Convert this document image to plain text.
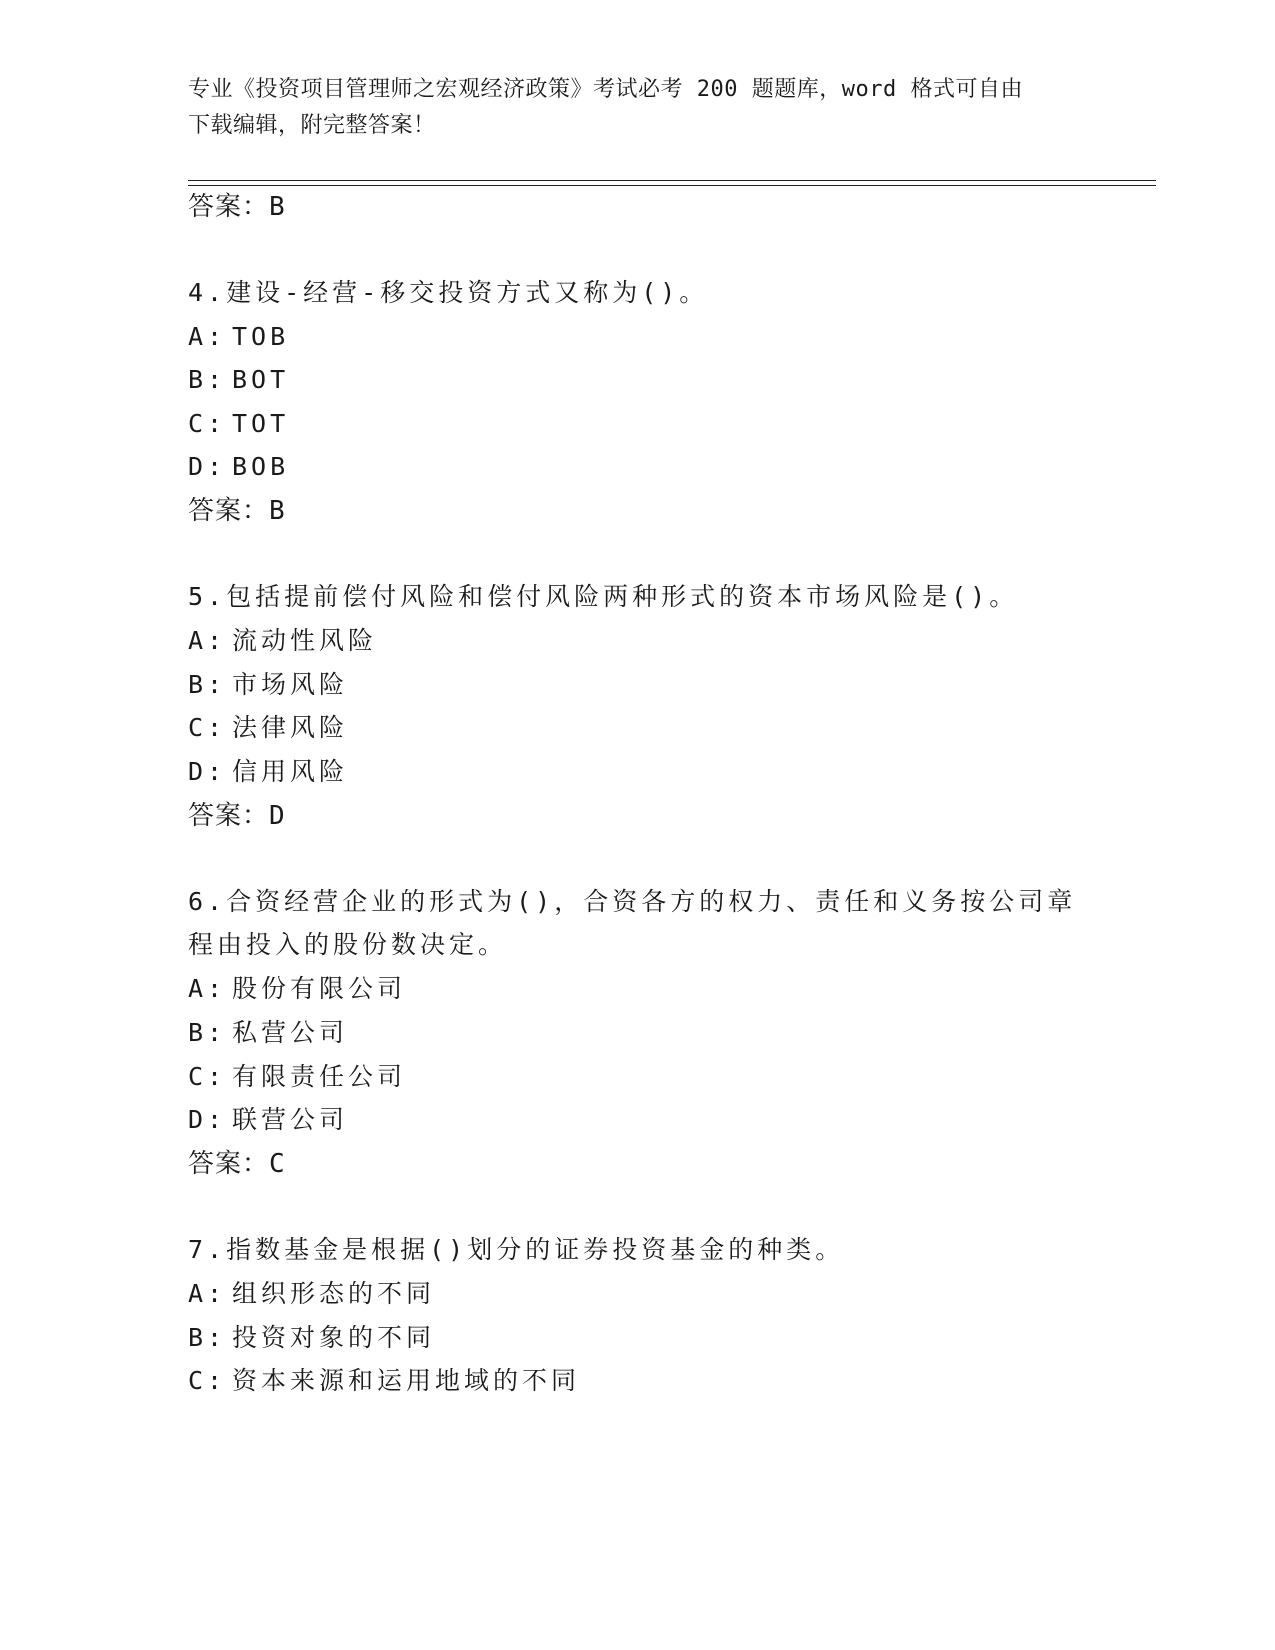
专业《投资项目管理师之宏观经济政策》考试必考 200 题题库，word 格式可自由
下载编辑，附完整答案！
答案：B
4.建设-经营-移交投资方式又称为()。
A: TOB
B: BOT
C: TOT
D: BOB
答案：B
5.包括提前偿付风险和偿付风险两种形式的资本市场风险是()。
A: 流动性风险
B: 市场风险
C: 法律风险
D: 信用风险
答案：D
6.合资经营企业的形式为()，合资各方的权力、责任和义务按公司章
程由投入的股份数决定。
A: 股份有限公司
B: 私营公司
C: 有限责任公司
D: 联营公司
答案：C
7.指数基金是根据()划分的证券投资基金的种类。
A: 组织形态的不同
B: 投资对象的不同
C: 资本来源和运用地域的不同
